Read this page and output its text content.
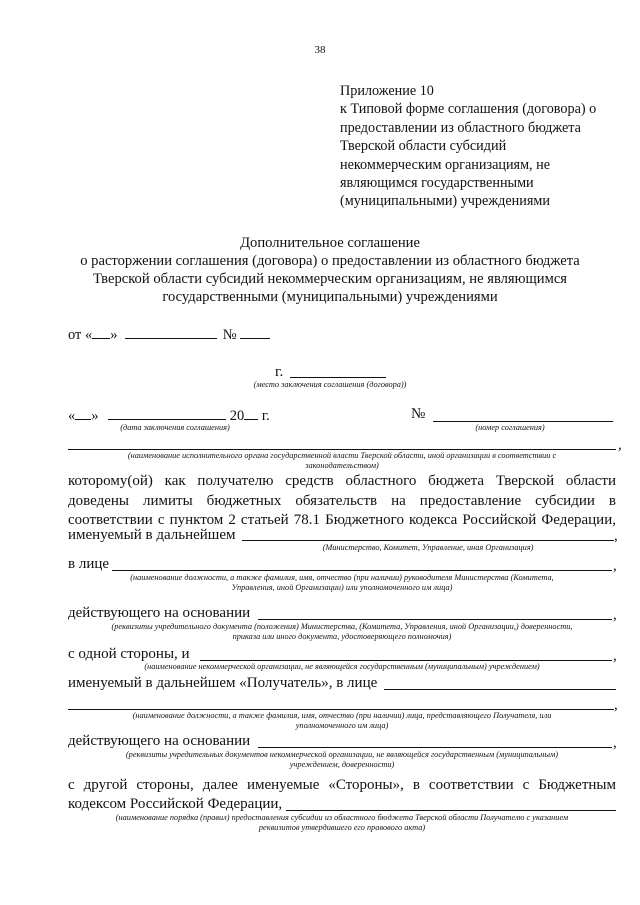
38
Приложение 10
к Типовой форме соглашения (договора) о
предоставлении из областного бюджета
Тверской области субсидий
некоммерческим организациям, не
являющимся государственными
(муниципальными) учреждениями
Дополнительное соглашение
о расторжении соглашения (договора) о предоставлении из областного бюджета
Тверской области субсидий некоммерческим организациям, не являющимся
государственными (муниципальными) учреждениями
от « »	№
г.
(место заключения соглашения (договора))
« »	20 г.	№
(дата заключения соглашения)	(номер соглашения)
,
(наименование исполнительного органа государственной власти Тверской области, иной организации в соответствии с
законодательством)
которому(ой) как получателю средств областного бюджета Тверской области
доведены лимиты бюджетных обязательств на предоставление субсидии в
соответствии с пунктом 2 статьей 78.1 Бюджетного кодекса Российской Федерации,
именуемый в дальнейшем	,
(Министерство, Комитет, Управление, иная Организация)
в лице	,
(наименование должности, а также фамилия, имя, отчество (при наличии) руководителя Министерства (Комитета,
Управления, иной Организации) или уполномоченного им лица)
действующего на основании	,
(реквизиты учредительного документа (положения) Министерства, (Комитета, Управления, иной Организации,) доверенности,
приказа или иного документа, удостоверяющего полномочия)
с одной стороны, и	,
(наименование некоммерческой организации, не являющейся государственным (муниципальным) учреждением)
именуемый в дальнейшем «Получатель», в лице
,
(наименование должности, а также фамилия, имя, отчество (при наличии) лица, представляющего Получателя, или
уполномоченного им лица)
действующего на основании	,
(реквизиты учредительных документов некоммерческой организации, не являющейся государственным (муниципальным)
учреждением, доверенности)
с другой стороны, далее именуемые «Стороны», в соответствии с Бюджетным
кодексом Российской Федерации,
(наименование порядка (правил) предоставления субсидии из областного бюджета Тверской области Получателю с указанием
реквизитов утвердившего его правового акта)
